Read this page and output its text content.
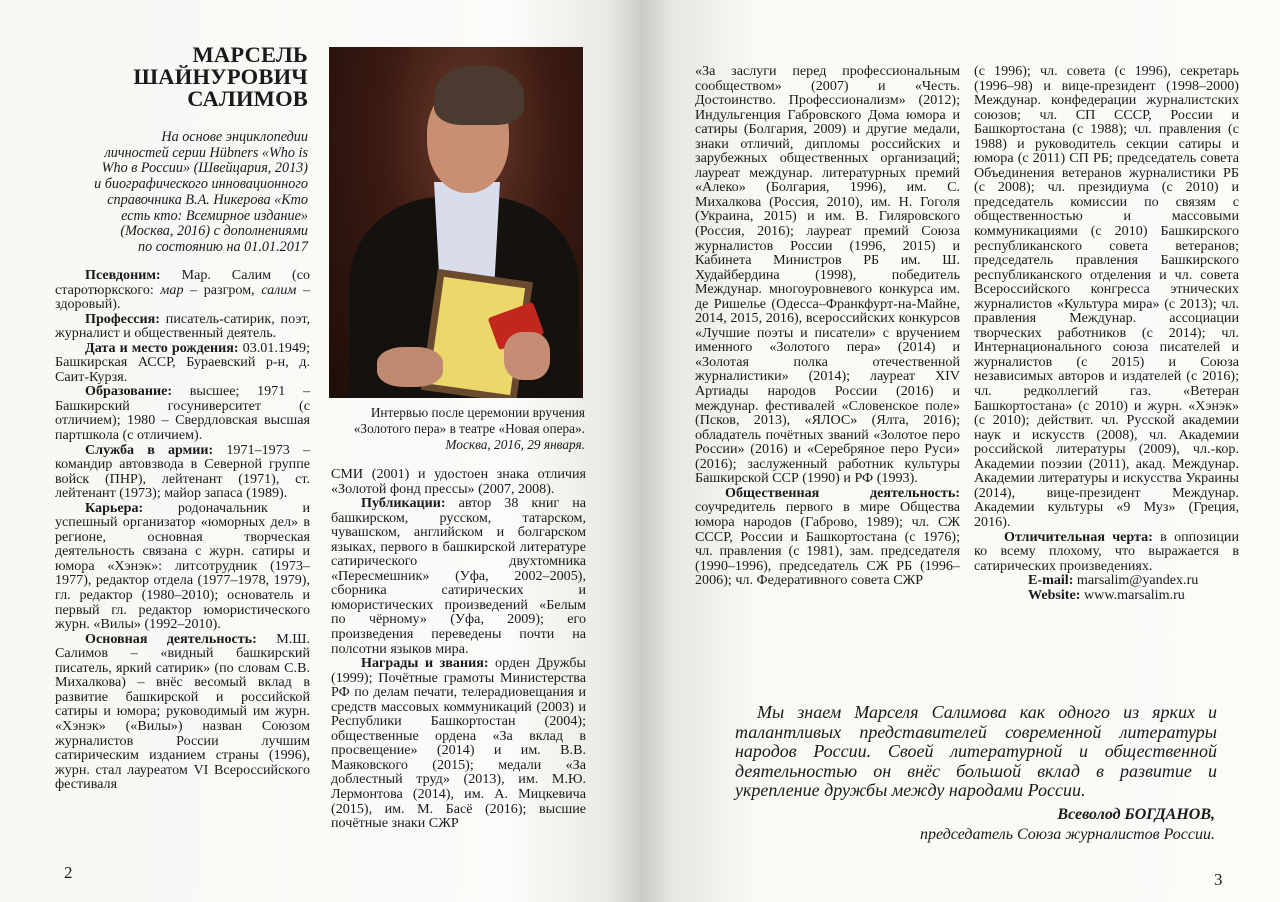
МАРСЕЛЬ
ШАЙНУРОВИЧ
САЛИМОВ
На основе энциклопедии
личностей серии Hübners «Who is
Who в России» (Швейцария, 2013)
и биографического инновационного
справочника В.А. Никерова «Кто
есть кто: Всемирное издание»
(Москва, 2016) с дополнениями
по состоянию на 01.01.2017
2	3
Интервью после церемонии вручения
«Золотого пера» в театре «Новая опера».
Москва, 2016, 29 января.

Псевдоним: Мар. Салим (со старотюркского: мар – разгром, салим – здоровый).

Профессия: писатель-сатирик, поэт, журналист и общественный деятель.

Дата и место рождения: 03.01.1949; Башкирская АССР, Бураевский р-н, д. Саит-Курзя.

Образование: высшее; 1971 – Башкирский госуниверситет (с отличием); 1980 – Свердловская высшая партшкола (с отличием).

Служба в армии: 1971–1973 – командир автовзвода в Северной группе войск (ПНР), лейтенант (1971), ст. лейтенант (1973); майор запаса (1989).

Карьера: родоначальник и успешный организатор «юморных дел» в регионе, основная творческая деятельность связана с журн. сатиры и юмора «Хэнэк»: литсотрудник (1973–1977), редактор отдела (1977–1978, 1979), гл. редактор (1980–2010); основатель и первый гл. редактор юмористического журн. «Вилы» (1992–2010).

Основная деятельность: М.Ш. Салимов – «видный башкирский писатель, яркий сатирик» (по словам С.В. Михалкова) – внёс весомый вклад в развитие башкирской и российской сатиры и юмора; руководимый им журн. «Хэнэк» («Вилы») назван Союзом журналистов России лучшим сатирическим изданием страны (1996), журн. стал лауреатом VI Всероссийского фестиваля

СМИ (2001) и удостоен знака отличия «Золотой фонд прессы» (2007, 2008).

Публикации: автор 38 книг на башкирском, русском, татарском, чувашском, английском и болгарском языках, первого в башкирской литературе сатирического двухтомника «Пересмешник» (Уфа, 2002–2005), сборника сатирических и юмористических произведений «Белым по чёрному» (Уфа, 2009); его произведения переведены почти на полсотни языков мира.

Награды и звания: орден Дружбы (1999); Почётные грамоты Министерства РФ по делам печати, телерадиовещания и средств массовых коммуникаций (2003) и Республики Башкортостан (2004); общественные ордена «За вклад в просвещение» (2014) и им. В.В. Маяковского (2015); медали «За доблестный труд» (2013), им. М.Ю. Лермонтова (2014), им. А. Мицкевича (2015), им. М. Басё (2016); высшие почётные знаки СЖР

«За заслуги перед профессиональным сообществом» (2007) и «Честь. Достоинство. Профессионализм» (2012); Индульгенция Габровского Дома юмора и сатиры (Болгария, 2009) и другие медали, знаки отличий, дипломы российских и зарубежных общественных организаций; лауреат междунар. литературных премий «Алеко» (Болгария, 1996), им. С. Михалкова (Россия, 2010), им. Н. Гоголя (Украина, 2015) и им. В. Гиляровского (Россия, 2016); лауреат премий Союза журналистов России (1996, 2015) и Кабинета Министров РБ им. Ш. Худайбердина (1998), победитель Междунар. многоуровневого конкурса им. де Ришелье (Одесса–Франкфурт-на-Майне, 2014, 2015, 2016), всероссийских конкурсов «Лучшие поэты и писатели» с вручением именного «Золотого пера» (2014) и «Золотая полка отечественной журналистики» (2014); лауреат XIV Артиады народов России (2016) и междунар. фестивалей «Словенское поле» (Псков, 2013), «ЯЛОС» (Ялта, 2016); обладатель почётных званий «Золотое перо России» (2016) и «Серебряное перо Руси» (2016); заслуженный работник культуры Башкирской ССР (1990) и РФ (1993).

Общественная деятельность: соучредитель первого в мире Общества юмора народов (Габрово, 1989); чл. СЖ СССР, России и Башкортостана (с 1976); чл. правления (с 1981), зам. председателя (1990–1996), председатель СЖ РБ (1996–2006); чл. Федеративного совета СЖР

(с 1996); чл. совета (с 1996), секретарь (1996–98) и вице-президент (1998–2000) Междунар. конфедерации журналистских союзов; чл. СП СССР, России и Башкортостана (с 1988); чл. правления (с 1988) и руководитель секции сатиры и юмора (с 2011) СП РБ; председатель совета Объединения ветеранов журналистики РБ (с 2008); чл. президиума (с 2010) и председатель комиссии по связям с общественностью и массовыми коммуникациями (с 2010) Башкирского республиканского совета ветеранов; председатель правления Башкирского республиканского отделения и чл. совета Всероссийского конгресса этнических журналистов «Культура мира» (с 2013); чл. правления Междунар. ассоциации творческих работников (с 2014); чл. Интернационального союза писателей и журналистов (с 2015) и Союза независимых авторов и издателей (с 2016); чл. редколлегий газ. «Ветеран Башкортостана» (с 2010) и журн. «Хэнэк» (с 2010); действит. чл. Русской академии наук и искусств (2008), чл. Академии российской литературы (2009), чл.-кор. Академии поэзии (2011), акад. Междунар. Академии литературы и искусства Украины (2014), вице-президент Междунар. Академии культуры «9 Муз» (Греция, 2016).

Отличительная черта: в оппозиции ко всему плохому, что выражается в сатирических произведениях.

E-mail: marsalim@yandex.ru

Website: www.marsalim.ru

Мы знаем Марселя Салимова как одного из ярких и талантливых представителей современной литературы народов России. Своей литературной и общественной деятельностью он внёс большой вклад в развитие и укрепление дружбы между народами России.
Всеволод БОГДАНОВ,
председатель Союза журналистов России.
